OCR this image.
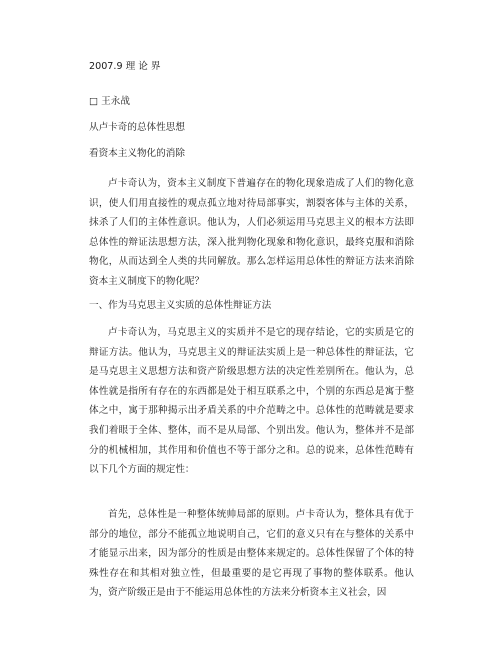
2007.9 理 论 界
□ 王永战
从卢卡奇的总体性思想
看资本主义物化的消除

卢卡奇认为，资本主义制度下普遍存在的物化现象造成了人们的物化意识，使人们用直接性的观点孤立地对待局部事实，割裂客体与主体的关系，抹杀了人们的主体性意识。他认为，人们必须运用马克思主义的根本方法即总体性的辩证法思想方法，深入批判物化现象和物化意识，最终克服和消除物化，从而达到全人类的共同解放。那么怎样运用总体性的辩证方法来消除资本主义制度下的物化呢？

一、作为马克思主义实质的总体性辩证方法

卢卡奇认为，马克思主义的实质并不是它的现存结论，它的实质是它的辩证方法。他认为，马克思主义的辩证法实质上是一种总体性的辩证法，它是马克思主义思想方法和资产阶级思想方法的决定性差别所在。他认为，总体性就是指所有存在的东西都是处于相互联系之中，个别的东西总是寓于整体之中，寓于那种揭示出矛盾关系的中介范畴之中。总体性的范畴就是要求我们着眼于全体、整体，而不是从局部、个别出发。他认为，整体并不是部分的机械相加，其作用和价值也不等于部分之和。总的说来，总体性范畴有以下几个方面的规定性：

首先，总体性是一种整体统帅局部的原则。卢卡奇认为，整体具有优于部分的地位，部分不能孤立地说明自己，它们的意义只有在与整体的关系中才能显示出来，因为部分的性质是由整体来规定的。总体性保留了个体的特殊性存在和其相对独立性，但最重要的是它再现了事物的整体联系。他认为，资产阶级正是由于不能运用总体性的方法来分析资本主义社会，因
